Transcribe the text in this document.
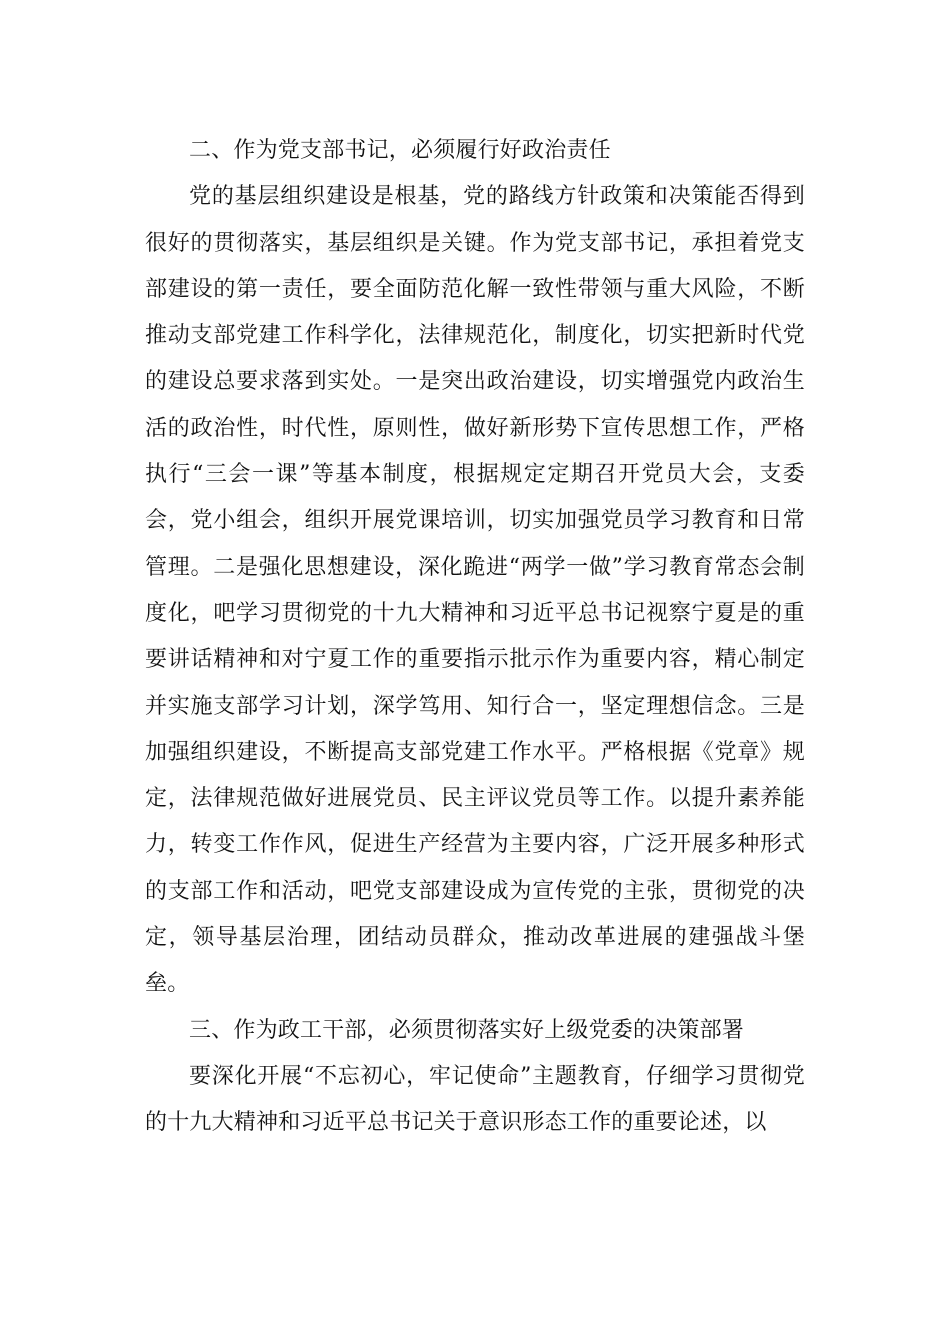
二、作为党支部书记，必须履行好政治责任

党的基层组织建设是根基，党的路线方针政策和决策能否得到很好的贯彻落实，基层组织是关键。作为党支部书记，承担着党支部建设的第一责任，要全面防范化解一致性带领与重大风险，不断推动支部党建工作科学化，法律规范化，制度化，切实把新时代党的建设总要求落到实处。一是突出政治建设，切实增强党内政治生活的政治性，时代性，原则性，做好新形势下宣传思想工作，严格执行“三会一课”等基本制度，根据规定定期召开党员大会，支委会，党小组会，组织开展党课培训，切实加强党员学习教育和日常管理。二是强化思想建设，深化跪进“两学一做”学习教育常态会制度化，吧学习贯彻党的十九大精神和习近平总书记视察宁夏是的重要讲话精神和对宁夏工作的重要指示批示作为重要内容，精心制定并实施支部学习计划，深学笃用、知行合一，坚定理想信念。三是加强组织建设，不断提高支部党建工作水平。严格根据《党章》规定，法律规范做好进展党员、民主评议党员等工作。以提升素养能力，转变工作作风，促进生产经营为主要内容，广泛开展多种形式的支部工作和活动，吧党支部建设成为宣传党的主张，贯彻党的决定，领导基层治理，团结动员群众，推动改革进展的建强战斗堡垒。

三、作为政工干部，必须贯彻落实好上级党委的决策部署

要深化开展“不忘初心，牢记使命”主题教育，仔细学习贯彻党的十九大精神和习近平总书记关于意识形态工作的重要论述，以
